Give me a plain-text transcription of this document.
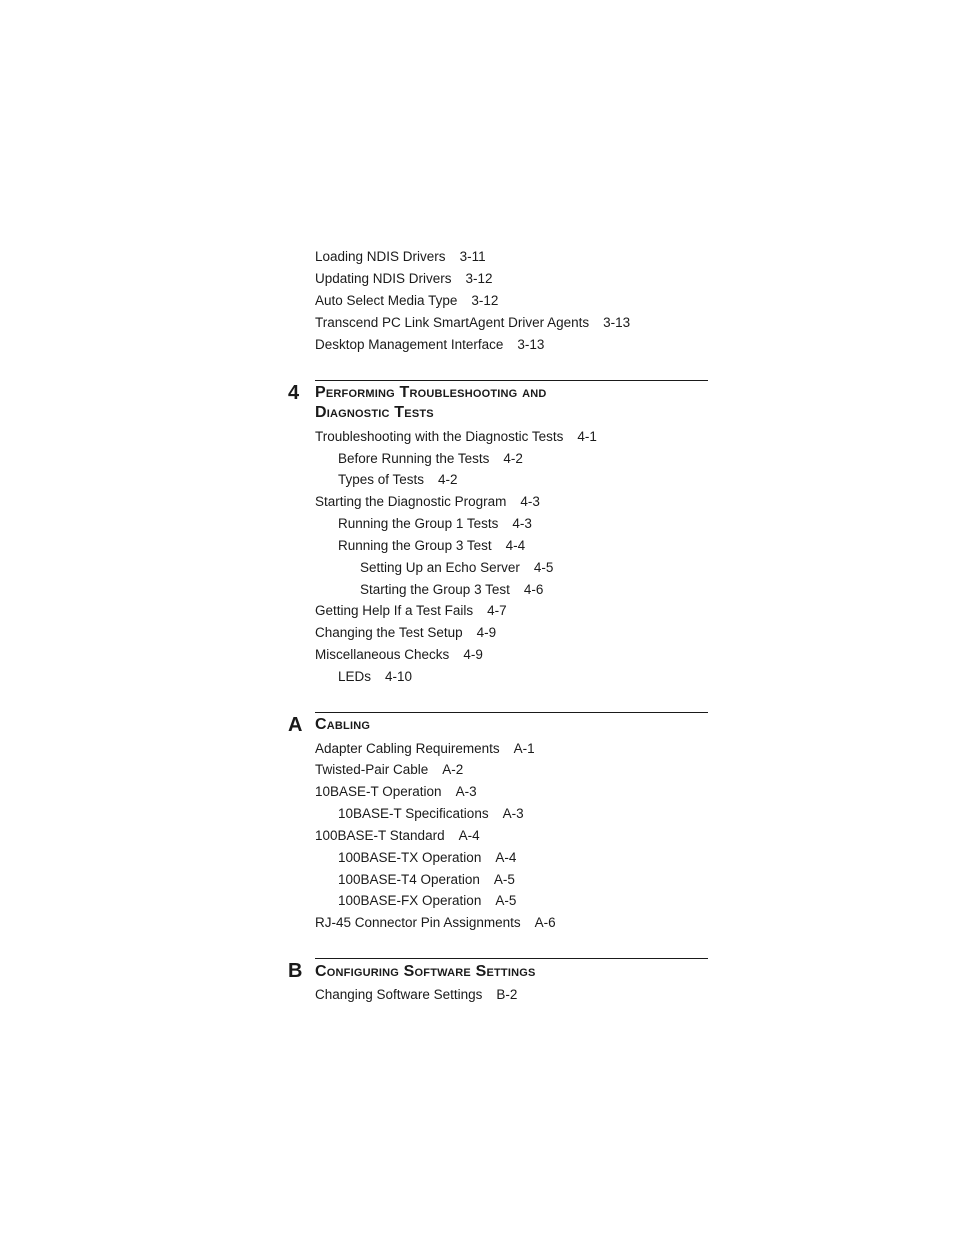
Loading NDIS Drivers 3-11
Updating NDIS Drivers 3-12
Auto Select Media Type 3-12
Transcend PC Link SmartAgent Driver Agents 3-13
Desktop Management Interface 3-13
4 Performing Troubleshooting and
Diagnostic Tests
Troubleshooting with the Diagnostic Tests 4-1
Before Running the Tests 4-2
Types of Tests 4-2
Starting the Diagnostic Program 4-3
Running the Group 1 Tests 4-3
Running the Group 3 Test 4-4
Setting Up an Echo Server 4-5
Starting the Group 3 Test 4-6
Getting Help If a Test Fails 4-7
Changing the Test Setup 4-9
Miscellaneous Checks 4-9
LEDs 4-10
A Cabling
Adapter Cabling Requirements A-1
Twisted-Pair Cable A-2
10BASE-T Operation A-3
10BASE-T Specifications A-3
100BASE-T Standard A-4
100BASE-TX Operation A-4
100BASE-T4 Operation A-5
100BASE-FX Operation A-5
RJ-45 Connector Pin Assignments A-6
B Configuring Software Settings
Changing Software Settings B-2
